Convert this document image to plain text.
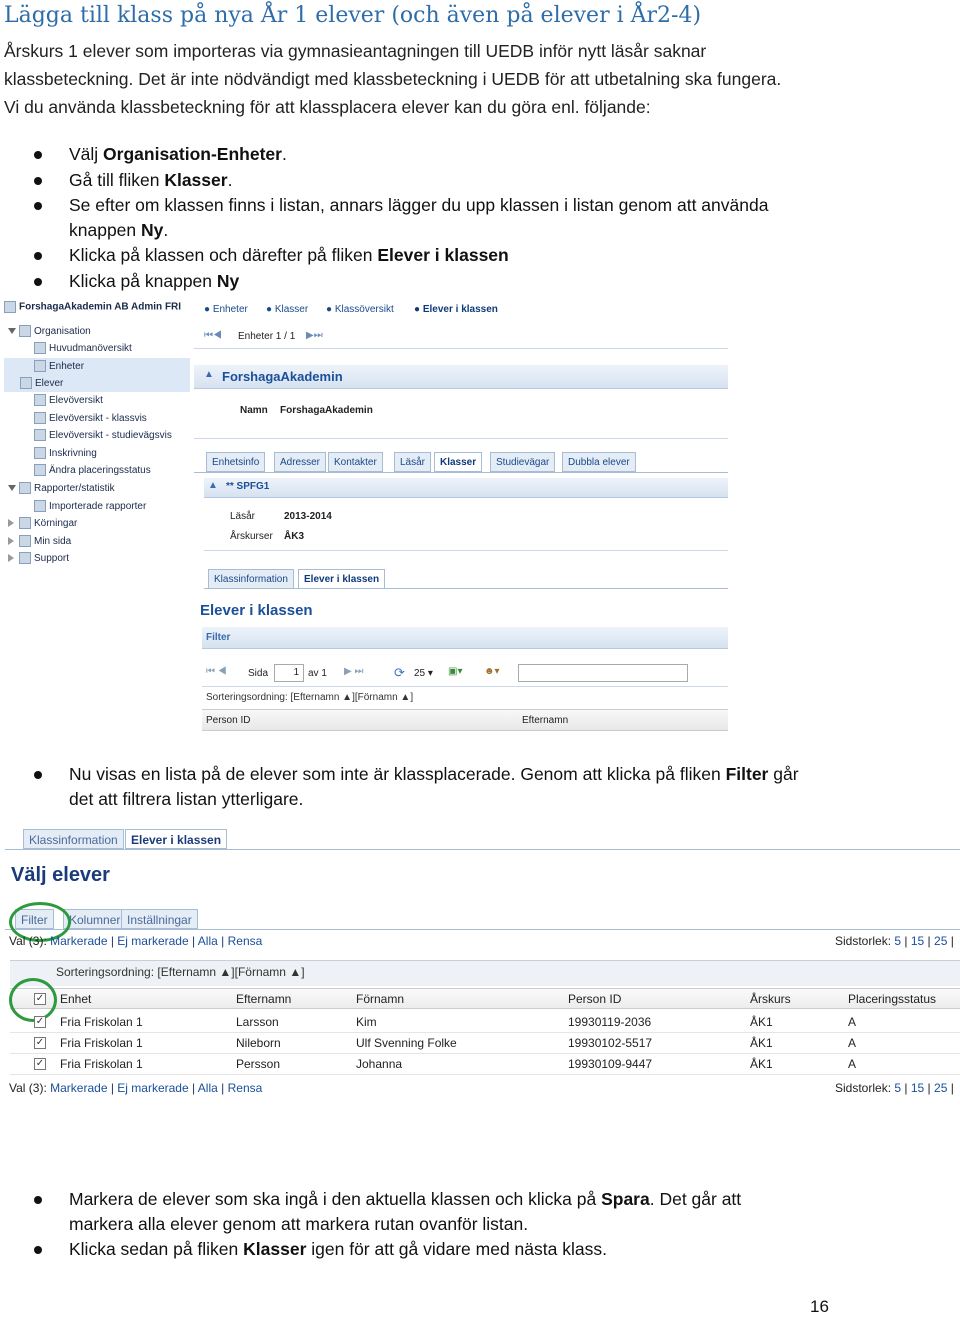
Lägga till klass på nya År 1 elever (och även på elever i År2-4)
Årskurs 1 elever som importeras via gymnasieantagningen till UEDB inför nytt läsår saknar
klassbeteckning. Det är inte nödvändigt med klassbeteckning i UEDB för att utbetalning ska fungera.
Vi du använda klassbeteckning för att klassplacera elever kan du göra enl. följande:
Välj Organisation-Enheter.
Gå till fliken Klasser.
Se efter om klassen finns i listan, annars lägger du upp klassen i listan genom att använda
knappen Ny.
Klicka på klassen och därefter på fliken Elever i klassen
Klicka på knappen Ny
ForshagaAkademin AB Admin FRI
Organisation
Huvudmanöversikt
Enheter
Elever
Elevöversikt
Elevöversikt - klassvis
Elevöversikt - studievägsvis
Inskrivning
Ändra placeringsstatus
Rapporter/statistik
Importerade rapporter
Körningar
Min sida
Support
● Enheter ● Klasser ● Klassöversikt ● Elever i klassen
⏮◀ Enheter 1 / 1 ▶⏭
▲ ForshagaAkademin
Namn ForshagaAkademin
Enhetsinfo	Adresser	Kontakter	Läsår	Klasser	Studievägar	Dubbla elever
▲ ** SPFG1
Läsår	2013-2014
Årskurser ÅK3
Klassinformation	Elever i klassen
Elever i klassen
Filter
⏮ ◀ Sida	1 av 1 ▶ ⏭ ⟳ 25 ▾ ▣▾ ☻▾
Sorteringsordning: [Efternamn ▲][Förnamn ▲]
Person ID	Efternamn
Nu visas en lista på de elever som inte är klassplacerade. Genom att klicka på fliken Filter går
det att filtrera listan ytterligare.
Klassinformation	Elever i klassen
Välj elever
Filter	Kolumner Inställningar
Val (3): Markerade | Ej markerade | Alla | Rensa	Sidstorlek: 5 | 15 | 25 |
Sorteringsordning: [Efternamn ▲][Förnamn ▲]
✓ Enhet	Efternamn	Förnamn	Person ID	Årskurs	Placeringsstatus
✓ Fria Friskolan 1	Larsson	Kim	19930119-2036	ÅK1	A
✓ Fria Friskolan 1	Nileborn	Ulf Svenning Folke	19930102-5517	ÅK1	A
✓ Fria Friskolan 1	Persson	Johanna	19930109-9447	ÅK1	A
Val (3): Markerade | Ej markerade | Alla | Rensa	Sidstorlek: 5 | 15 | 25 |
Markera de elever som ska ingå i den aktuella klassen och klicka på Spara. Det går att
markera alla elever genom att markera rutan ovanför listan.
Klicka sedan på fliken Klasser igen för att gå vidare med nästa klass.
16
